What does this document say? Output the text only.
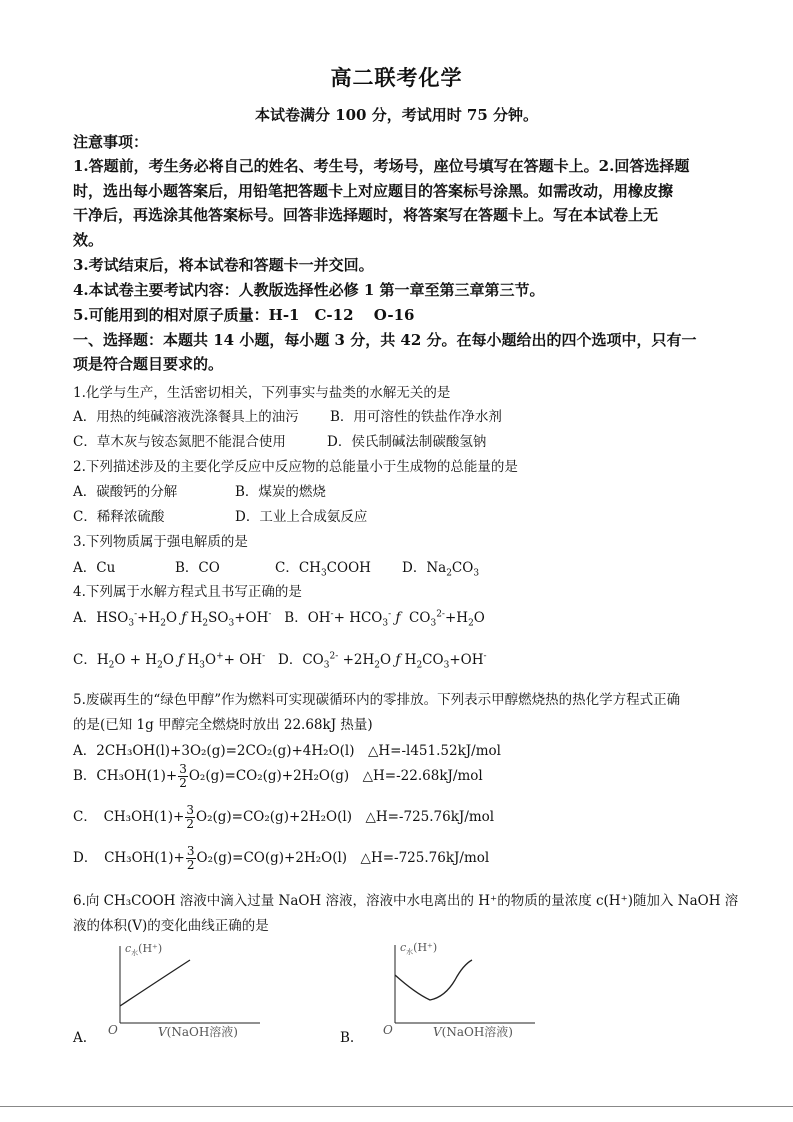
高二联考化学
本试卷满分 100 分，考试用时 75 分钟。
注意事项：
1.答题前，考生务必将自己的姓名、考生号，考场号，座位号填写在答题卡上。2.回答选择题
时，选出每小题答案后，用铅笔把答题卡上对应题目的答案标号涂黑。如需改动，用橡皮擦
干净后，再选涂其他答案标号。回答非选择题时，将答案写在答题卡上。写在本试卷上无
效。
3.考试结束后，将本试卷和答题卡一并交回。
4.本试卷主要考试内容：人教版选择性必修 1 第一章至第三章第三节。
5.可能用到的相对原子质量：H-1　C-12　 O-16
一、选择题：本题共 14 小题，每小题 3 分，共 42 分。在每小题给出的四个选项中，只有一
项是符合题目要求的。
1.化学与生产，生活密切相关，下列事实与盐类的水解无关的是
A．用热的纯碱溶液洗涤餐具上的油污 B．用可溶性的铁盐作净水剂
C．草木灰与铵态氮肥不能混合使用	D．侯氏制碱法制碳酸氢钠
2.下列描述涉及的主要化学反应中反应物的总能量小于生成物的总能量的是
A．碳酸钙的分解	B．煤炭的燃烧
C．稀释浓硫酸	D．工业上合成氨反应
3.下列物质属于强电解质的是
A．Cu	B．CO	C．$CH_3COOH$ D．$Na_2CO_3$
4.下列属于水解方程式且书写正确的是
A．$HSO_3^-+H_2O$ ƒ $H_2SO_3+OH^-$ B．$OH^-+ HCO_3^-$ ƒ $CO_3^{2-}+H_2O$
C．$H_2O + H_2O$ ƒ $H_3O^++ OH^-$ D．$CO_3^{2-} +2H_2O$ ƒ $H_2CO_3+OH^-$
5.废碳再生的“绿色甲醇”作为燃料可实现碳循环内的零排放。下列表示甲醇燃烧热的热化学方程式正确
的是(已知 1g 甲醇完全燃烧时放出 22.68kJ 热量)
A．2CH₃OH(l)+3O₂(g)=2CO₂(g)+4H₂O(l)　△H=-l451.52kJ/mol
B．$CH_3OH(1)+ \frac{3}{2} O_2(g)=CO_2(g)+2H_2O(g)$　△H=-22.68kJ/mol
C．　$CH_3OH(1)+ \frac{3}{2} O_2(g)=CO_2(g)+2H_2O(l)$　△H=-725.76kJ/mol
D．　$CH_3OH(1)+ \frac{3}{2} O_2(g)=CO(g)+2H_2O(l)$　△H=-725.76kJ/mol
6.向 CH₃COOH 溶液中滴入过量 NaOH 溶液，溶液中水电离出的 H⁺的物质的量浓度 c(H⁺)随加入 NaOH 溶
液的体积(V)的变化曲线正确的是
$c_水(H^+)$
O	V(NaOH溶液)
A.
$c_水(H^+)$
O	V(NaOH溶液)
B.
